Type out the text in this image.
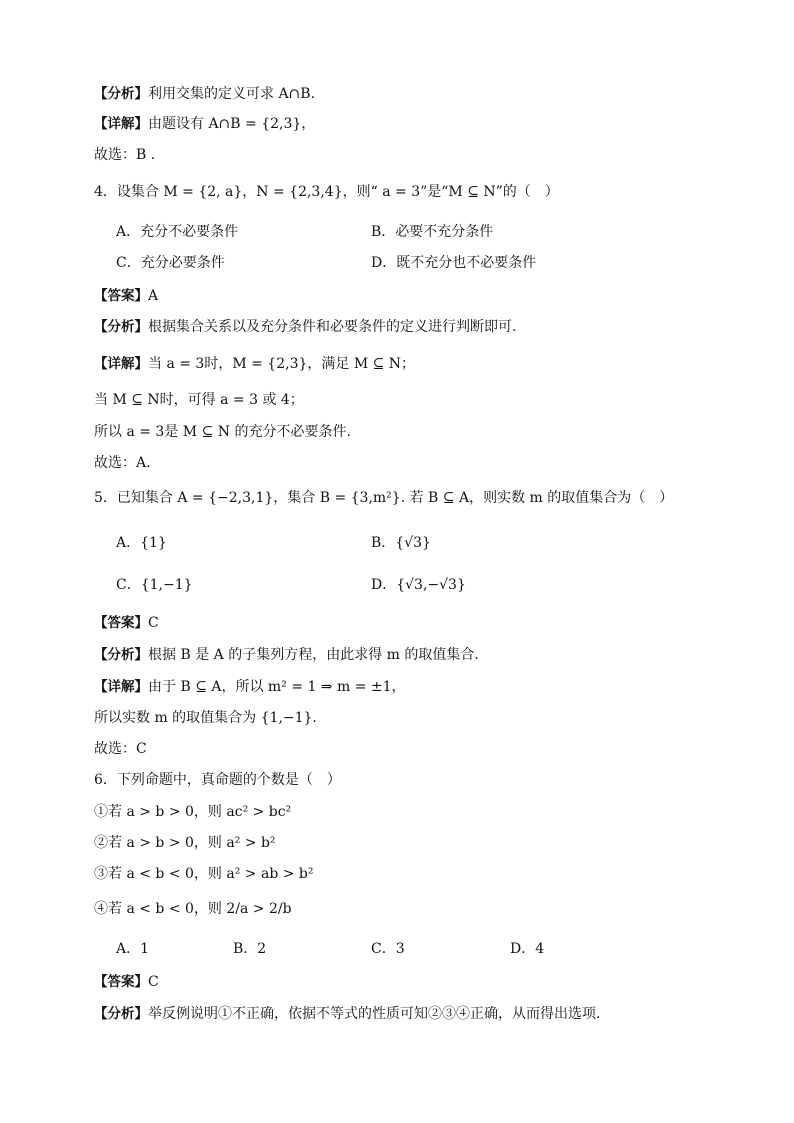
【分析】利用交集的定义可求 A∩B.
【详解】由题设有 A∩B = {2,3}，
故选：B .
4．设集合 M = {2, a}，N = {2,3,4}，则“ a = 3”是“M ⊆ N”的（　）
A．充分不必要条件	B．必要不充分条件
C．充分必要条件	D．既不充分也不必要条件
【答案】A
【分析】根据集合关系以及充分条件和必要条件的定义进行判断即可.
【详解】当 a = 3时，M = {2,3}，满足 M ⊆ N；
当 M ⊆ N时，可得 a = 3 或 4；
所以 a = 3是 M ⊆ N 的充分不必要条件.
故选：A.
5．已知集合 A = {−2,3,1}，集合 B = {3,m²}. 若 B ⊆ A，则实数 m 的取值集合为（　）
A．{1}	B．{√3}
C．{1,−1}	D．{√3,−√3}
【答案】C
【分析】根据 B 是 A 的子集列方程，由此求得 m 的取值集合.
【详解】由于 B ⊆ A，所以 m² = 1 ⇒ m = ±1，
所以实数 m 的取值集合为 {1,−1}.
故选：C
6．下列命题中，真命题的个数是（　）
①若 a > b > 0，则 ac² > bc²
②若 a > b > 0，则 a² > b²
③若 a < b < 0，则 a² > ab > b²
④若 a < b < 0，则 2/a > 2/b
A．1	B．2	C．3	D．4
【答案】C
【分析】举反例说明①不正确，依据不等式的性质可知②③④正确，从而得出选项.
